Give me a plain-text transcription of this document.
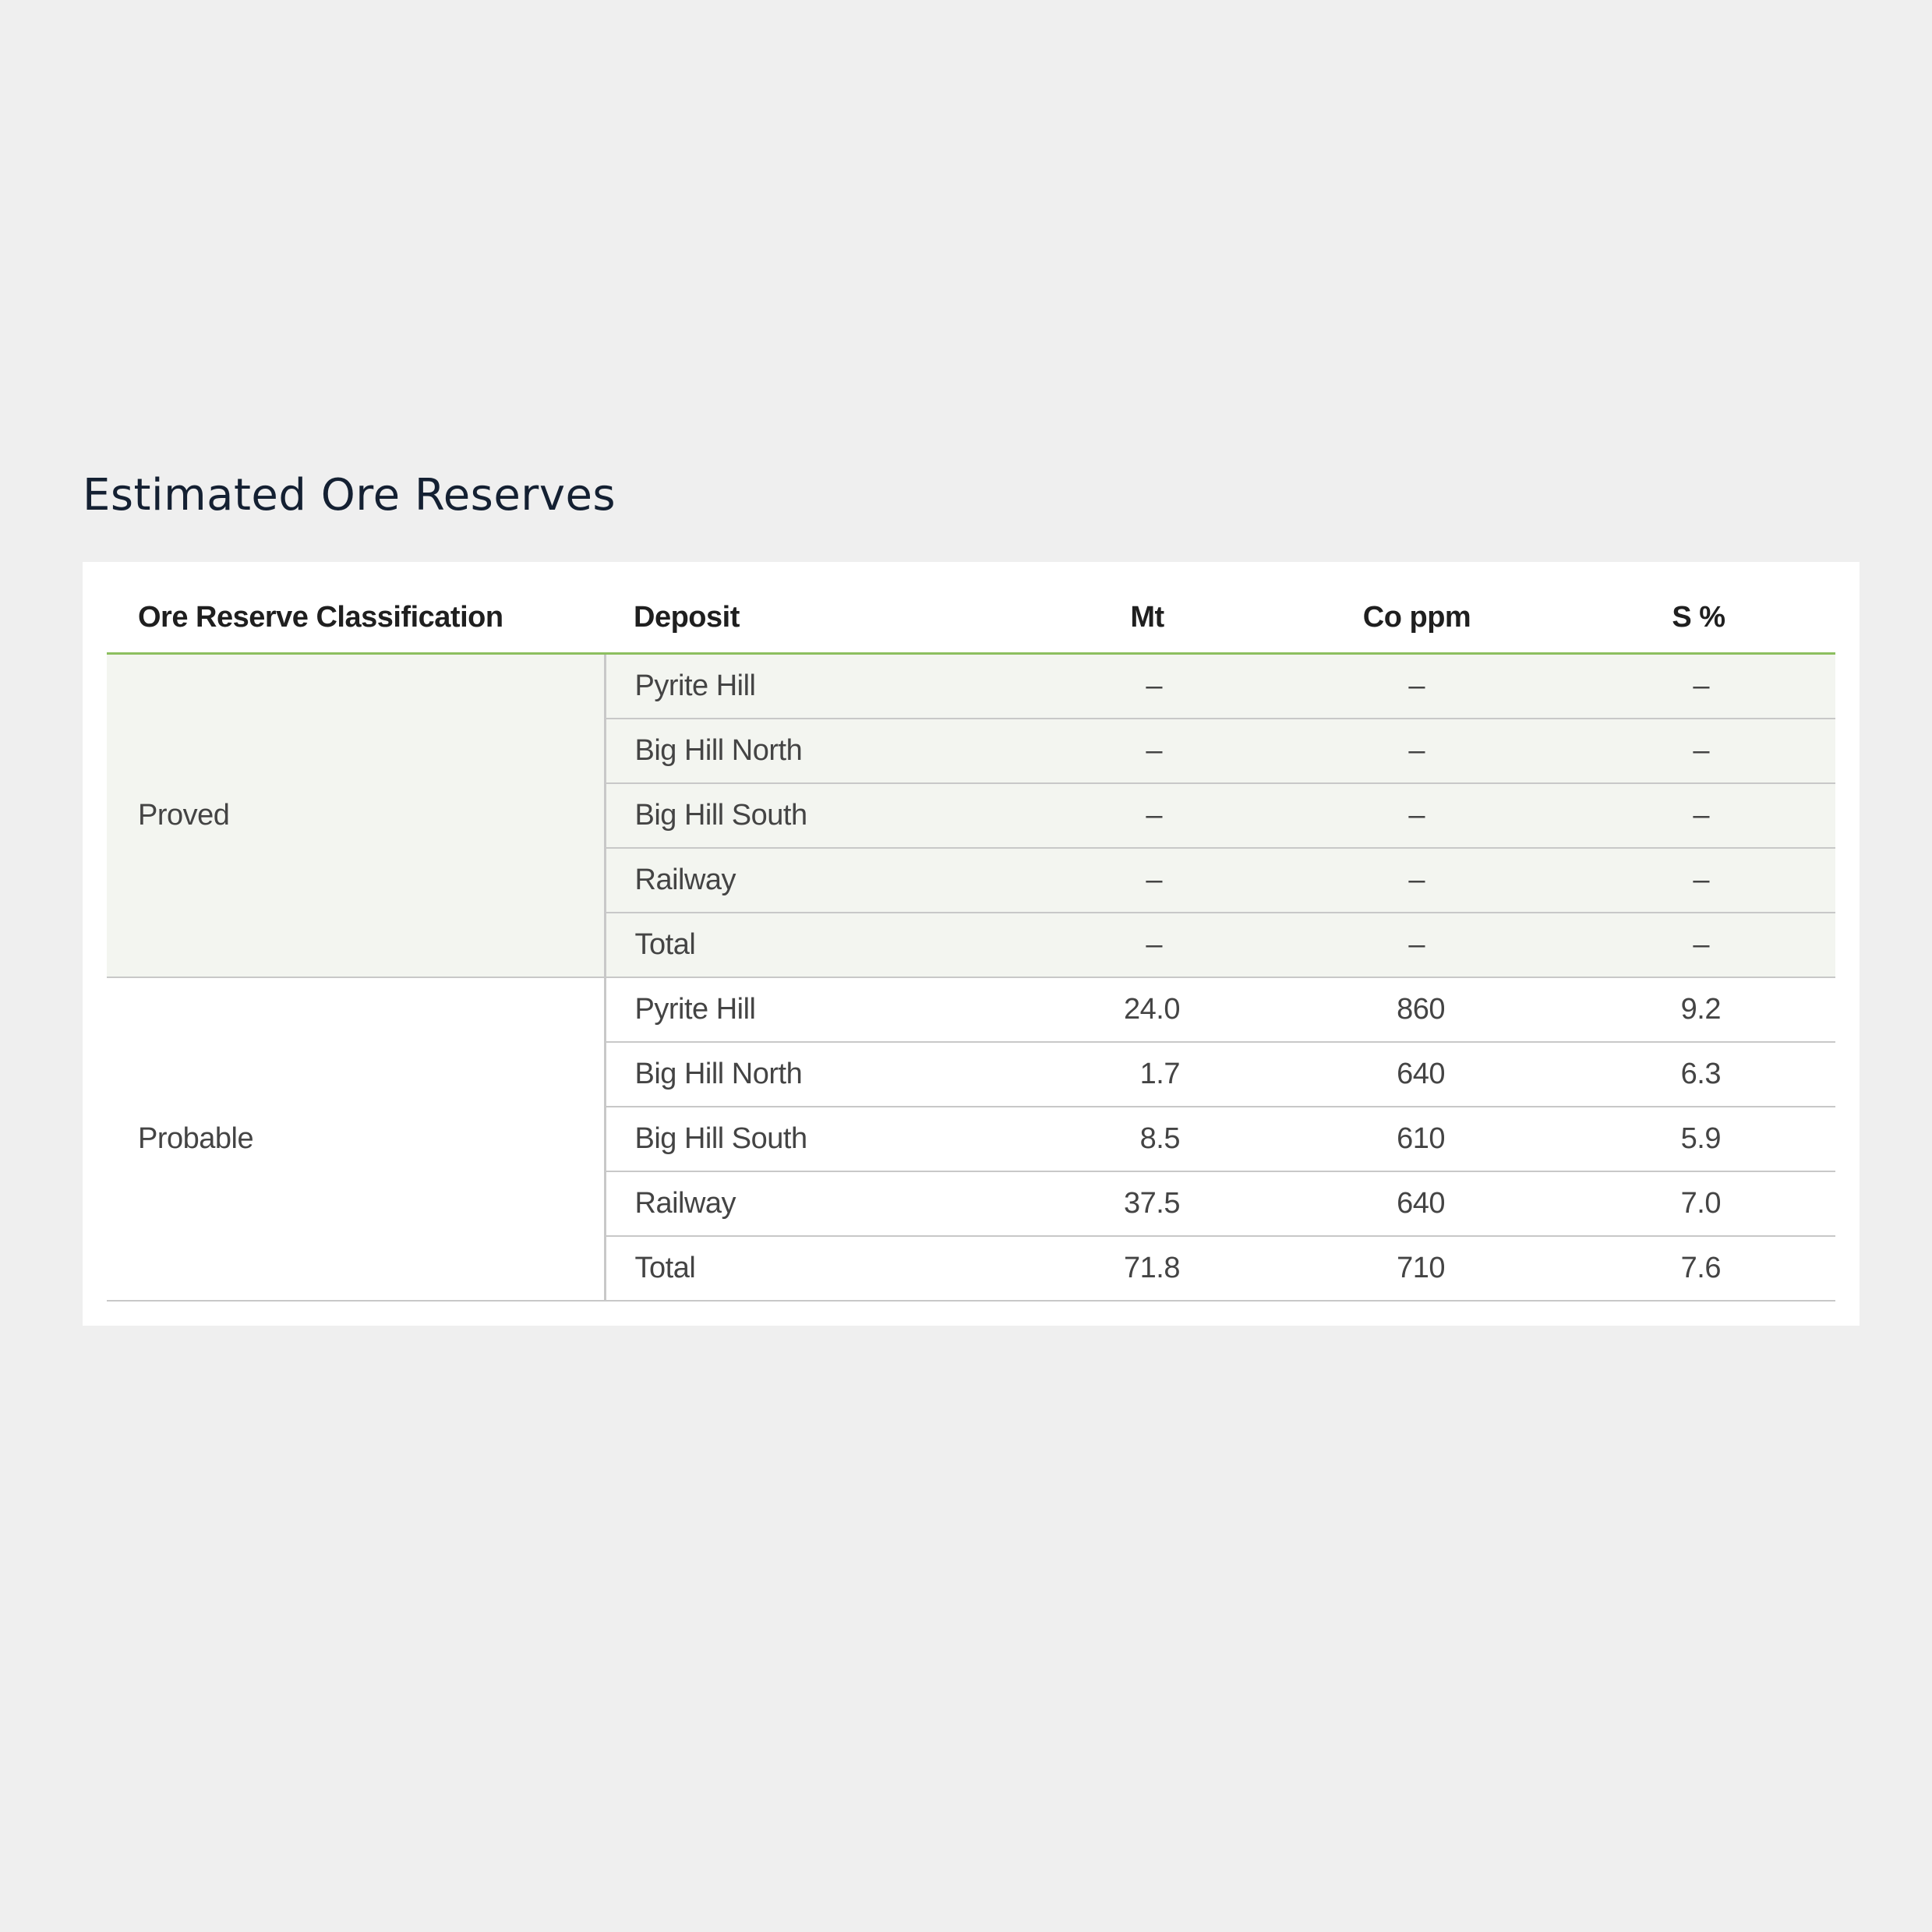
Estimated Ore Reserves
Ore Reserve Classification	Deposit	Mt	Co ppm	S %
Proved	Pyrite Hill	–	–	–
	Big Hill North	–	–	–
	Big Hill South	–	–	–
	Railway	–	–	–
	Total	–	–	–
Probable	Pyrite Hill	24.0	860	9.2
	Big Hill North	1.7	640	6.3
	Big Hill South	8.5	610	5.9
	Railway	37.5	640	7.0
	Total	71.8	710	7.6
